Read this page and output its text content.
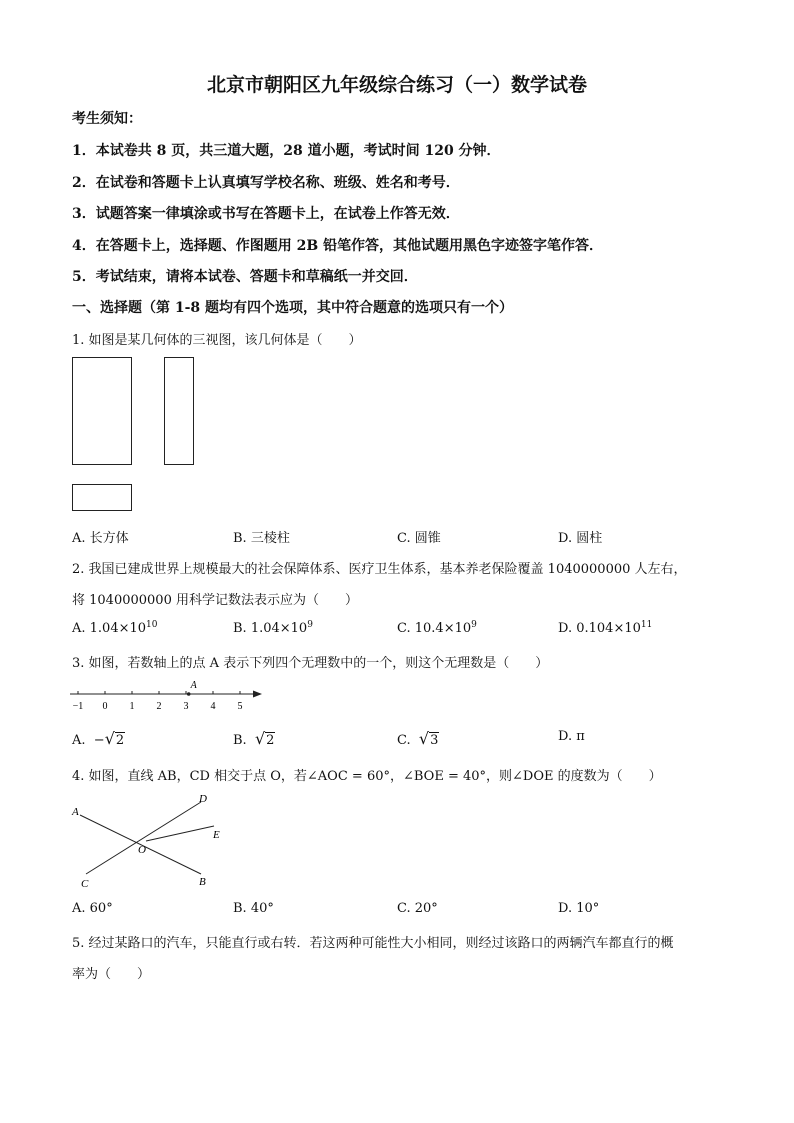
北京市朝阳区九年级综合练习（一）数学试卷
考生须知：
1．本试卷共 8 页，共三道大题，28 道小题，考试时间 120 分钟．
2．在试卷和答题卡上认真填写学校名称、班级、姓名和考号．
3．试题答案一律填涂或书写在答题卡上，在试卷上作答无效．
4．在答题卡上，选择题、作图题用 2B 铅笔作答，其他试题用黑色字迹签字笔作答．
5．考试结束，请将本试卷、答题卡和草稿纸一并交回．
一、选择题（第 1-8 题均有四个选项，其中符合题意的选项只有一个）
1. 如图是某几何体的三视图，该几何体是（　　）
A. 长方体	B. 三棱柱	C. 圆锥	D. 圆柱
2. 我国已建成世界上规模最大的社会保障体系、医疗卫生体系，基本养老保险覆盖 1040000000 人左右，
将 1040000000 用科学记数法表示应为（　　）
A. $1.04\times 10^{10}$	B. $1.04\times 10^9$	C. $10.4\times 10^9$	D. $0.104\times 10^{11}$
3. 如图，若数轴上的点 A 表示下列四个无理数中的一个，则这个无理数是（　　）
−1 0 1 2 3 4 5
A
A. −√2	B. √2	C. √3	D. π
4. 如图，直线 AB，CD 相交于点 O，若∠AOC = 60°，∠BOE = 40°，则∠DOE 的度数为（　　）
A
B
C
D
E
O
A. 60°	B. 40°	C. 20°	D. 10°
5. 经过某路口的汽车，只能直行或右转．若这两种可能性大小相同，则经过该路口的两辆汽车都直行的概
率为（　　）
